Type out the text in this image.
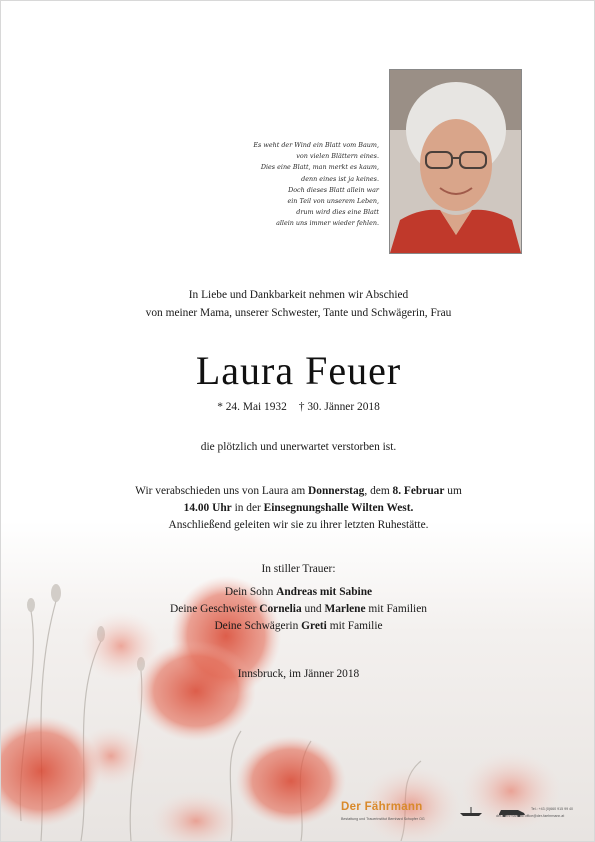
Es weht der Wind ein Blatt vom Baum,
von vielen Blättern eines.
Dies eine Blatt, man merkt es kaum,
denn eines ist ja keines.
Doch dieses Blatt allein war
ein Teil von unserem Leben,
drum wird dies eine Blatt
allein uns immer wieder fehlen.
In Liebe und Dankbarkeit nehmen wir Abschied
von meiner Mama, unserer Schwester, Tante und Schwägerin, Frau
Laura Feuer
* 24. Mai 1932 † 30. Jänner 2018
die plötzlich und unerwartet verstorben ist.
Wir verabschieden uns von Laura am Donnerstag, dem 8. Februar um
14.00 Uhr in der Einsegnungshalle Wilten West.
Anschließend geleiten wir sie zu ihrer letzten Ruhestätte.
In stiller Trauer:
Dein Sohn Andreas mit Sabine
Deine Geschwister Cornelia und Marlene mit Familien
Deine Schwägerin Greti mit Familie
Innsbruck, im Jänner 2018
Der Fährmann
Bestattung und Trauerinstitut Bernhard Schopfer OG
Tel.: +43 (0)660 915 99 40
der-faehrmann.at office@der-faehrmann.at
